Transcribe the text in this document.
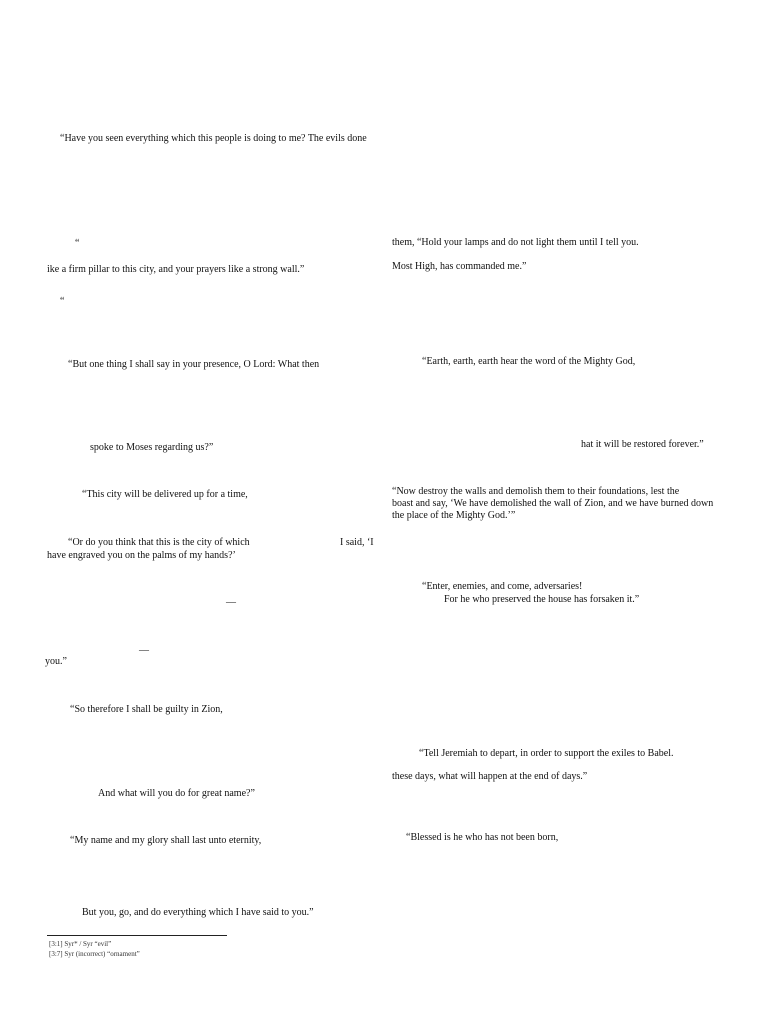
“Have you seen everything which this people is doing to me? The evils done
“
ike a firm pillar to this city, and your prayers like a strong wall.”
“
“But one thing I shall say in your presence, O Lord: What then
spoke to Moses regarding us?”
“This city will be delivered up for a time,
“Or do you think that this is the city of which	I said, ‘I
have engraved you on the palms of my hands?’
—
—
you.”
“So therefore I shall be guilty in Zion,
And what will you do for great name?”
“My name and my glory shall last unto eternity,
But you, go, and do everything which I have said to you.”
them, “Hold your lamps and do not light them until I tell you.
Most High, has commanded me.”
“Earth, earth, earth hear the word of the Mighty God,
hat it will be restored forever.”
“Now destroy the walls and demolish them to their foundations, lest the
boast and say, ‘We have demolished the wall of Zion, and we have burned down
the place of the Mighty God.’”
“Enter, enemies, and come, adversaries!
For he who preserved the house has forsaken it.”
“Tell Jeremiah to depart, in order to support the exiles to Babel.
these days, what will happen at the end of days.”
“Blessed is he who has not been born,
[3:1] Syr* / Syr “evil”
[3:7] Syr (incorrect) “ornament”
